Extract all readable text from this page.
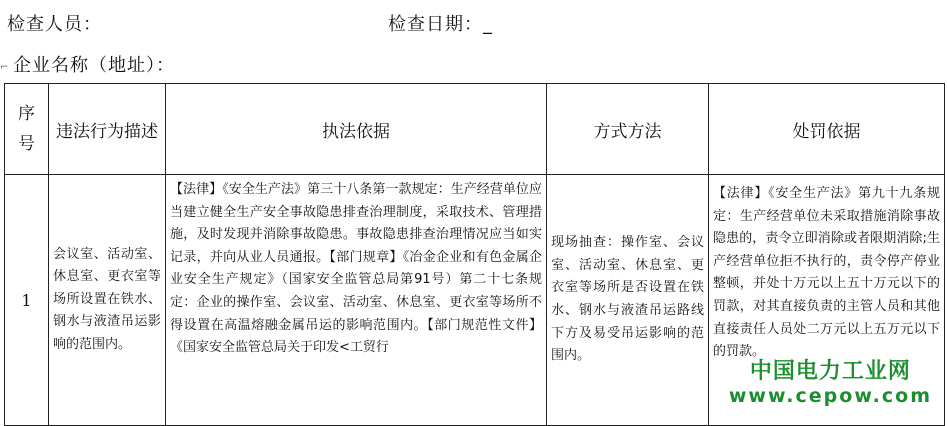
检查人员：	检查日期：_
⌐ 企业名称（地址）：
序号	违法行为描述	执法依据	方式方法	处罚依据
1	会议室、活动室、休息室、更衣室等场所设置在铁水、钢水与液渣吊运影响的范围内。	【法律】《安全生产法》第三十八条第一款规定：生产经营单位应当建立健全生产安全事故隐患排查治理制度，采取技术、管理措施，及时发现并消除事故隐患。事故隐患排查治理情况应当如实记录，并向从业人员通报。【部门规章】《冶金企业和有色金属企业安全生产规定》（国家安全监管总局第91号）第二十七条规定：企业的操作室、会议室、活动室、休息室、更衣室等场所不得设置在高温熔融金属吊运的影响范围内。【部门规范性文件】《国家安全监管总局关于印发<工贸行	现场抽查：操作室、会议室、活动室、休息室、更衣室等场所是否设置在铁水、钢水与液渣吊运路线下方及易受吊运影响的范围内。	【法律】《安全生产法》第九十九条规定：生产经营单位未采取措施消除事故隐患的，责令立即消除或者限期消除;生产经营单位拒不执行的，责令停产停业整顿，并处十万元以上五十万元以下的罚款，对其直接负责的主管人员和其他直接责任人员处二万元以上五万元以下的罚款。
中国电力工业网
www.cepow.com
